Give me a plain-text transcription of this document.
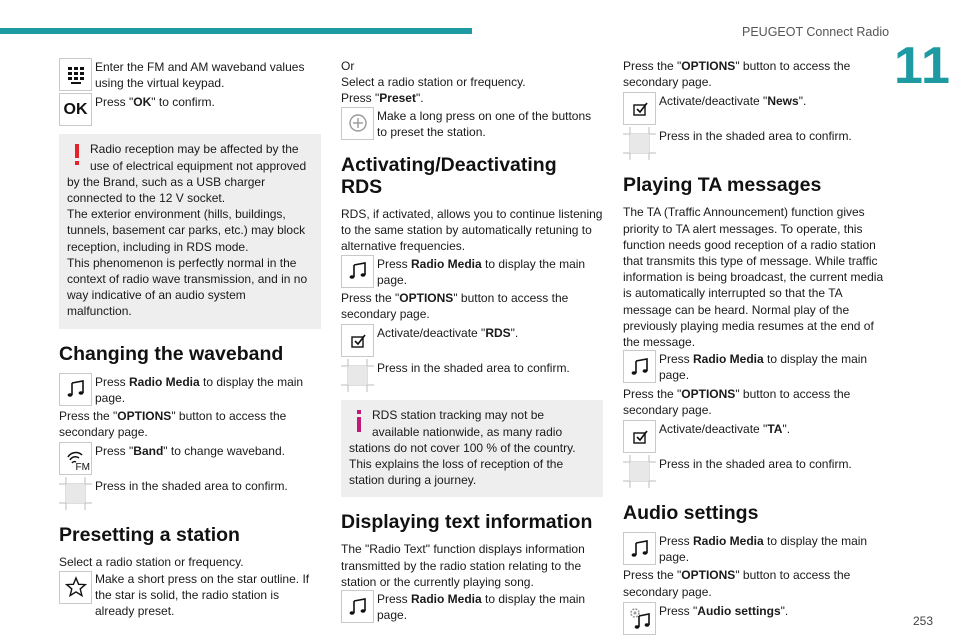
PEUGEOT Connect Radio
11
253
Enter the FM and AM waveband values using the virtual keypad.
OK Press "OK" to confirm.

Radio reception may be affected by the use of electrical equipment not approved

by the Brand, such as a USB charger connected to the 12 V socket.

The exterior environment (hills, buildings, tunnels, basement car parks, etc.) may block reception, including in RDS mode.

This phenomenon is perfectly normal in the context of radio wave transmission, and in no way indicative of an audio system malfunction.

Changing the waveband
Press Radio Media to display the main page.

Press the "OPTIONS" button to access the secondary page.

FM
Press "Band" to change waveband.
Press in the shaded area to confirm.
Presetting a station

Select a radio station or frequency.

Make a short press on the star outline. If the star is solid, the radio station is already preset.

Or

Select a radio station or frequency.

Press "Preset".

Make a long press on one of the buttons to preset the station.
Activating/Deactivating RDS

RDS, if activated, allows you to continue listening to the same station by automatically retuning to alternative frequencies.

Press Radio Media to display the main page.

Press the "OPTIONS" button to access the secondary page.

Activate/deactivate "RDS".
Press in the shaded area to confirm.

RDS station tracking may not be available nationwide, as many radio

stations do not cover 100 % of the country. This explains the loss of reception of the station during a journey.

Displaying text information

The "Radio Text" function displays information transmitted by the radio station relating to the station or the currently playing song.

Press Radio Media to display the main page.

Press the "OPTIONS" button to access the secondary page.

Activate/deactivate "News".
Press in the shaded area to confirm.
Playing TA messages

The TA (Traffic Announcement) function gives priority to TA alert messages. To operate, this function needs good reception of a radio station that transmits this type of message. While traffic information is being broadcast, the current media is automatically interrupted so that the TA message can be heard. Normal play of the previously playing media resumes at the end of the message.

Press Radio Media to display the main page.

Press the "OPTIONS" button to access the secondary page.

Activate/deactivate "TA".
Press in the shaded area to confirm.
Audio settings
Press Radio Media to display the main page.

Press the "OPTIONS" button to access the secondary page.

Press "Audio settings".
